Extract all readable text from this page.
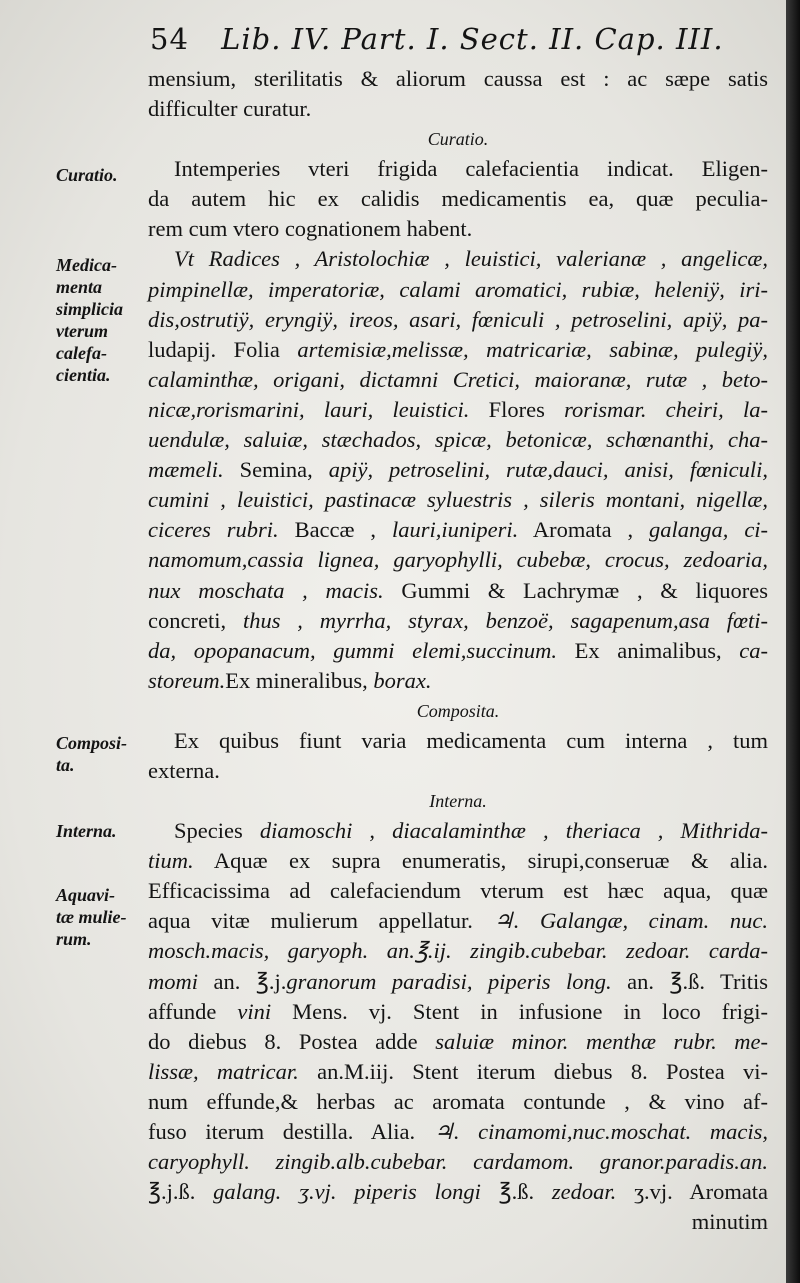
54 Lib. IV. Part. I. Sect. II. Cap. III.
Curatio.
Medica-
menta
simplicia
vterum
calefa-
cientia.
Composi-
ta.
Interna.
Aquavi-
tæ mulie-
rum.
mensium, sterilitatis & aliorum caussa est : ac sæpe satis
difficulter curatur.
Curatio.
Intemperies vteri frigida calefacientia indicat. Eligen-
da autem hic ex calidis medicamentis ea, quæ peculia-
rem cum vtero cognationem habent.
Vt Radices , Aristolochiæ , leuistici, valerianæ , angelicæ,
pimpinellæ, imperatoriæ, calami aromatici, rubiæ, heleniÿ, iri-
dis,ostrutiÿ, eryngiÿ, ireos, asari, fœniculi , petroselini, apiÿ, pa-
ludapij. Folia artemisiæ,melissæ, matricariæ, sabinæ, pulegiÿ,
calaminthæ, origani, dictamni Cretici, maioranæ, rutæ , beto-
nicæ,rorismarini, lauri, leuistici. Flores rorismar. cheiri, la-
uendulæ, saluiæ, stæchados, spicæ, betonicæ, schœnanthi, cha-
mæmeli. Semina, apiÿ, petroselini, rutæ,dauci, anisi, fœniculi,
cumini , leuistici, pastinacæ syluestris , sileris montani, nigellæ,
ciceres rubri. Baccæ , lauri,iuniperi. Aromata , galanga, ci-
namomum,cassia lignea, garyophylli, cubebæ, crocus, zedoaria,
nux moschata , macis. Gummi & Lachrymæ , & liquores
concreti, thus , myrrha, styrax, benzoë, sagapenum,asa fœti-
da, opopanacum, gummi elemi,succinum. Ex animalibus, ca-
storeum.Ex mineralibus, borax.
Composita.
Ex quibus fiunt varia medicamenta cum interna , tum
externa.
Interna.
Species diamoschi , diacalaminthæ , theriaca , Mithrida-
tium. Aquæ ex supra enumeratis, sirupi,conseruæ & alia.
Efficacissima ad calefaciendum vterum est hæc aqua, quæ
aqua vitæ mulierum appellatur. ♃. Galangæ, cinam. nuc.
mosch.macis, garyoph. an.℥.ij. zingib.cubebar. zedoar. carda-
momi an. ℥.j.granorum paradisi, piperis long. an. ℥.ß. Tritis
affunde vini Mens. vj. Stent in infusione in loco frigi-
do diebus 8. Postea adde saluiæ minor. menthæ rubr. me-
lissæ, matricar. an.M.iij. Stent iterum diebus 8. Postea vi-
num effunde,& herbas ac aromata contunde , & vino af-
fuso iterum destilla. Alia. ♃. cinamomi,nuc.moschat. macis,
caryophyll. zingib.alb.cubebar. cardamom. granor.paradis.an.
℥.j.ß. galang. ʒ.vj. piperis longi ℥.ß. zedoar. ʒ.vj. Aromata
minutim
